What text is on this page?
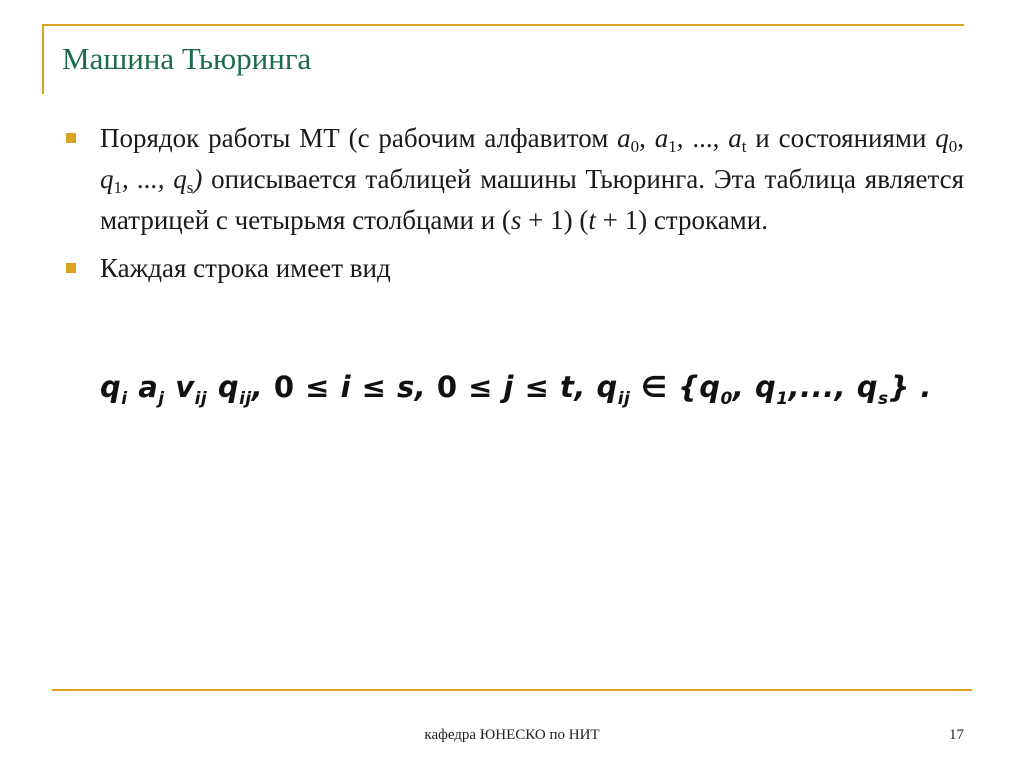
Машина Тьюринга
Порядок работы МТ (с рабочим алфавитом $a_0$, $a_1$, ..., $a_t$ и состояниями $q_0$, $q_1$, ..., $q_s$) описывается таблицей машины Тьюринга. Эта таблица является матрицей с четырьмя столбцами и (s + 1) (t + 1) строками.
Каждая строка имеет вид
$q_i$ $a_j$ $v_{ij}$ $q_{ij}$, 0 ≤ i ≤ s, 0 ≤ j ≤ t, $q_{ij}$ ∈ {$q_0$, $q_1$,..., $q_s$} .
кафедра ЮНЕСКО по НИТ	17
